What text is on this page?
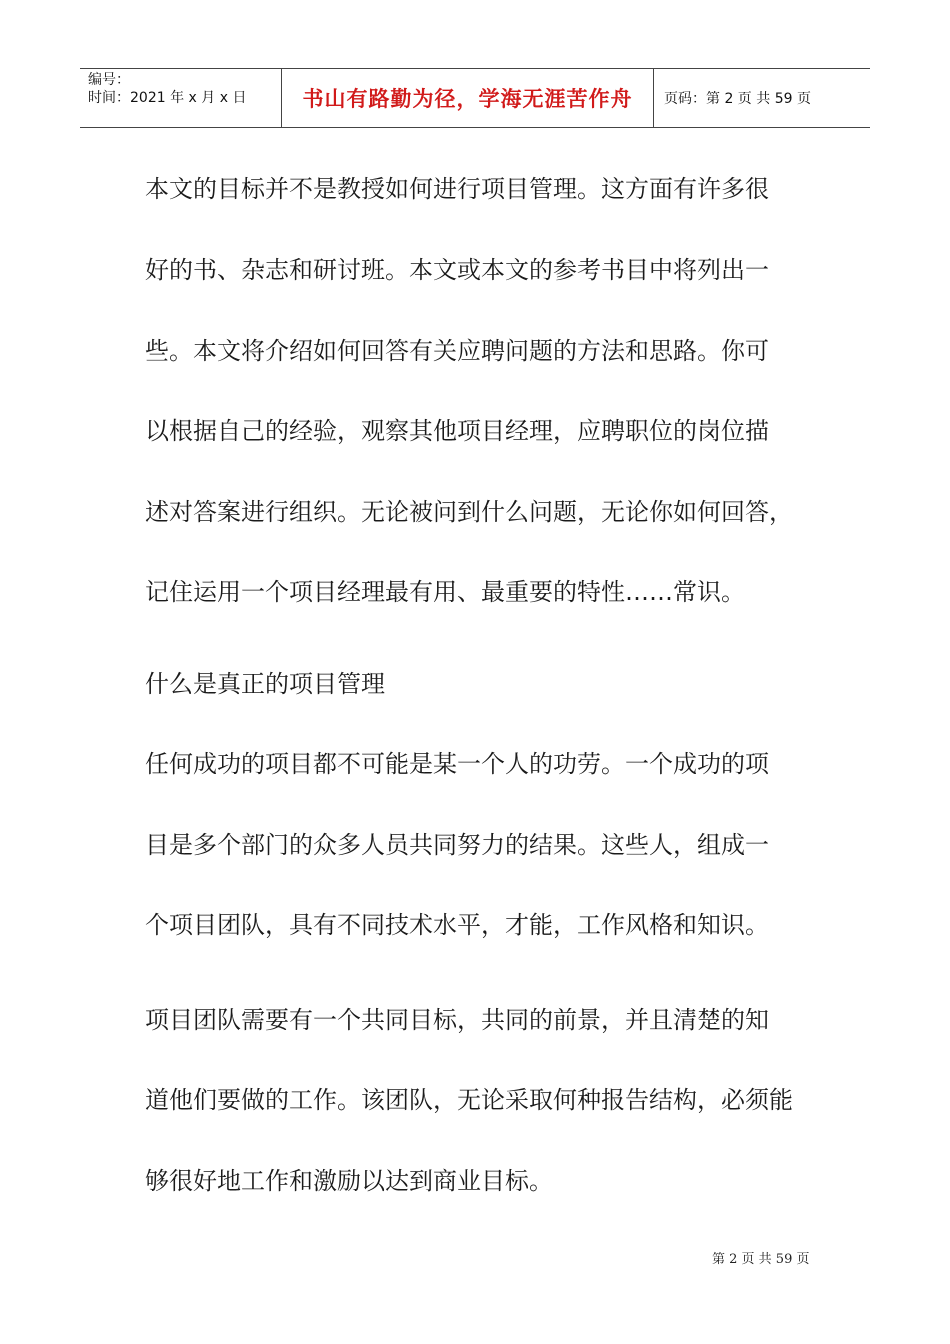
编号：
时间：2021 年 x 月 x 日	书山有路勤为径，学海无涯苦作舟	页码：第 2 页 共 59 页
本文的目标并不是教授如何进行项目管理。这方面有许多很
好的书、杂志和研讨班。本文或本文的参考书目中将列出一
些。本文将介绍如何回答有关应聘问题的方法和思路。你可
以根据自己的经验，观察其他项目经理，应聘职位的岗位描
述对答案进行组织。无论被问到什么问题，无论你如何回答，
记住运用一个项目经理最有用、最重要的特性……常识。
什么是真正的项目管理
任何成功的项目都不可能是某一个人的功劳。一个成功的项
目是多个部门的众多人员共同努力的结果。这些人，组成一
个项目团队，具有不同技术水平，才能，工作风格和知识。
项目团队需要有一个共同目标，共同的前景，并且清楚的知
道他们要做的工作。该团队，无论采取何种报告结构，必须能
够很好地工作和激励以达到商业目标。
第 2 页 共 59 页
